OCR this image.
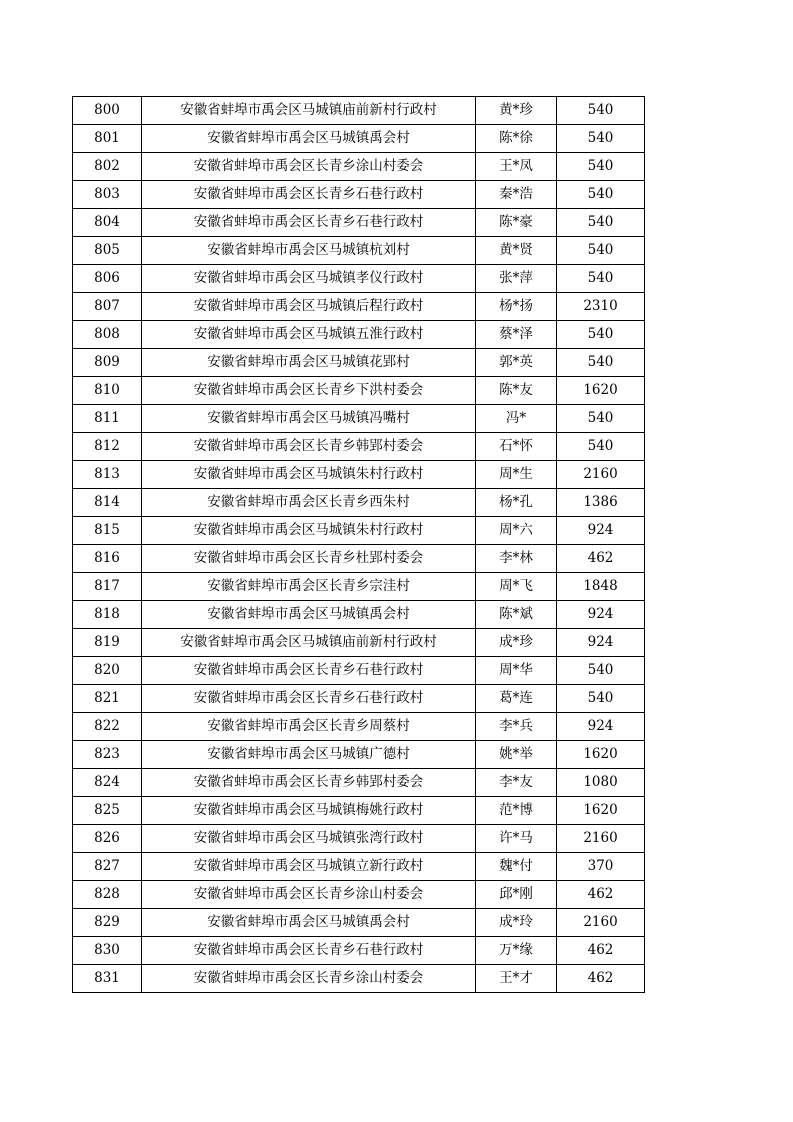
800	安徽省蚌埠市禹会区马城镇庙前新村行政村	黄*珍	540
801	安徽省蚌埠市禹会区马城镇禹会村	陈*徐	540
802	安徽省蚌埠市禹会区长青乡涂山村委会	王*凤	540
803	安徽省蚌埠市禹会区长青乡石巷行政村	秦*浩	540
804	安徽省蚌埠市禹会区长青乡石巷行政村	陈*豪	540
805	安徽省蚌埠市禹会区马城镇杭刘村	黄*贤	540
806	安徽省蚌埠市禹会区马城镇孝仪行政村	张*萍	540
807	安徽省蚌埠市禹会区马城镇后程行政村	杨*扬	2310
808	安徽省蚌埠市禹会区马城镇五淮行政村	蔡*泽	540
809	安徽省蚌埠市禹会区马城镇花郢村	郭*英	540
810	安徽省蚌埠市禹会区长青乡下洪村委会	陈*友	1620
811	安徽省蚌埠市禹会区马城镇冯嘴村	冯*	540
812	安徽省蚌埠市禹会区长青乡韩郢村委会	石*怀	540
813	安徽省蚌埠市禹会区马城镇朱村行政村	周*生	2160
814	安徽省蚌埠市禹会区长青乡西朱村	杨*孔	1386
815	安徽省蚌埠市禹会区马城镇朱村行政村	周*六	924
816	安徽省蚌埠市禹会区长青乡杜郢村委会	李*林	462
817	安徽省蚌埠市禹会区长青乡宗洼村	周*飞	1848
818	安徽省蚌埠市禹会区马城镇禹会村	陈*斌	924
819	安徽省蚌埠市禹会区马城镇庙前新村行政村	成*珍	924
820	安徽省蚌埠市禹会区长青乡石巷行政村	周*华	540
821	安徽省蚌埠市禹会区长青乡石巷行政村	葛*连	540
822	安徽省蚌埠市禹会区长青乡周蔡村	李*兵	924
823	安徽省蚌埠市禹会区马城镇广德村	姚*举	1620
824	安徽省蚌埠市禹会区长青乡韩郢村委会	李*友	1080
825	安徽省蚌埠市禹会区马城镇梅姚行政村	范*博	1620
826	安徽省蚌埠市禹会区马城镇张湾行政村	许*马	2160
827	安徽省蚌埠市禹会区马城镇立新行政村	魏*付	370
828	安徽省蚌埠市禹会区长青乡涂山村委会	邱*刚	462
829	安徽省蚌埠市禹会区马城镇禹会村	成*玲	2160
830	安徽省蚌埠市禹会区长青乡石巷行政村	万*缘	462
831	安徽省蚌埠市禹会区长青乡涂山村委会	王*才	462
